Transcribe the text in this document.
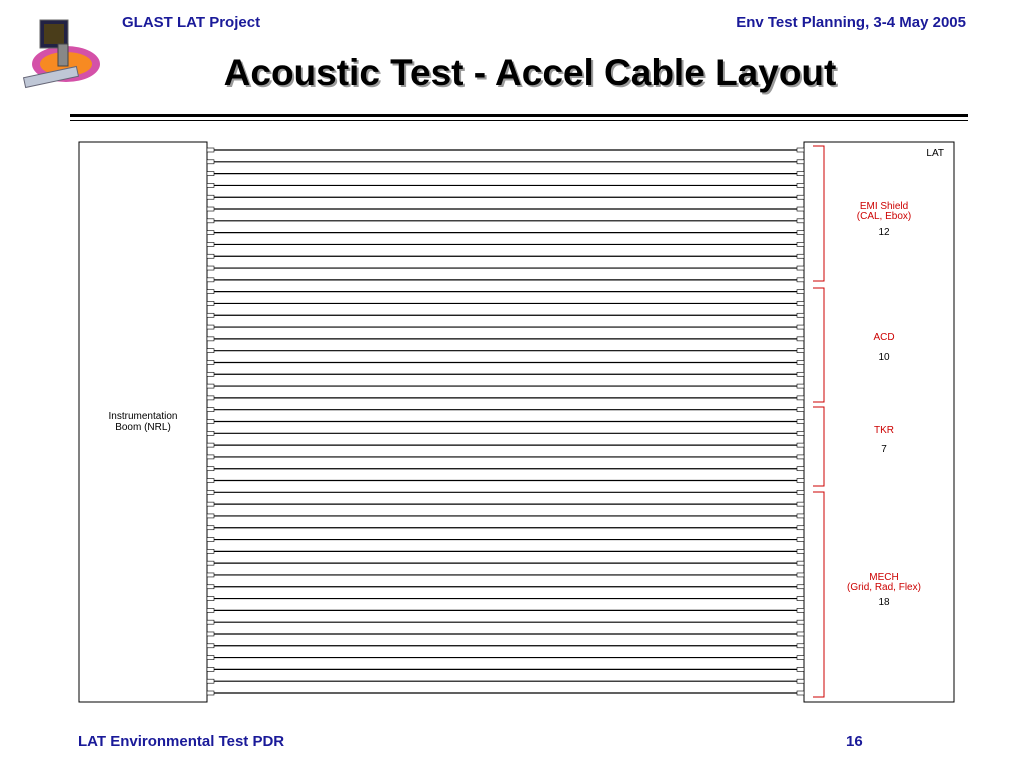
GLAST LAT Project	Env Test Planning, 3-4 May 2005
Acoustic Test - Accel Cable Layout
Instrumentation
Boom (NRL)
LAT
EMI Shield
(CAL, Ebox)
12
ACD
10
TKR
7
MECH
(Grid, Rad, Flex)
18
LAT Environmental Test PDR	16
